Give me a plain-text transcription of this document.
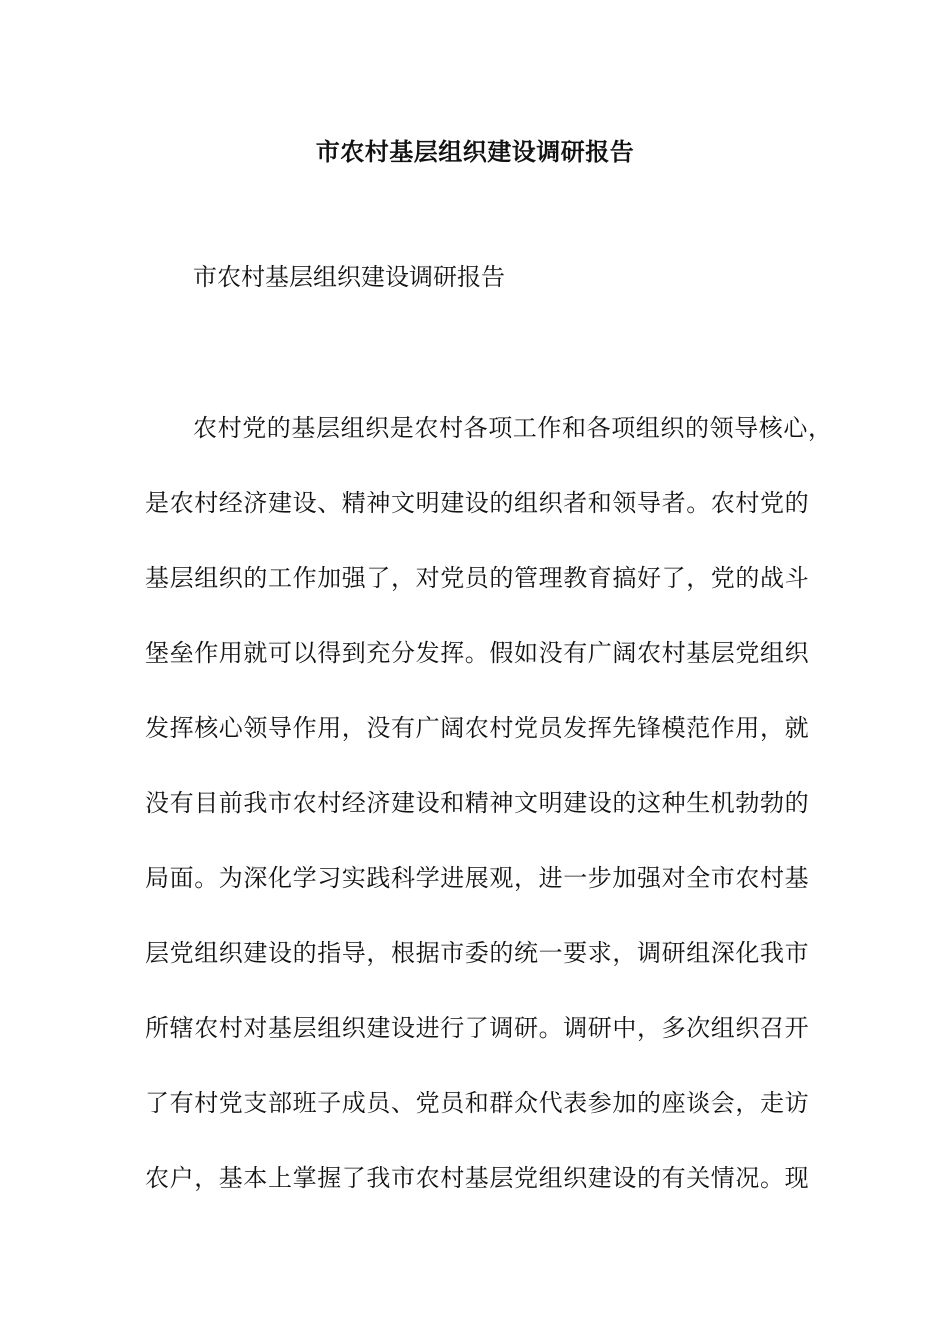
市农村基层组织建设调研报告
市农村基层组织建设调研报告
农村党的基层组织是农村各项工作和各项组织的领导核心，
是农村经济建设、精神文明建设的组织者和领导者。农村党的
基层组织的工作加强了，对党员的管理教育搞好了，党的战斗
堡垒作用就可以得到充分发挥。假如没有广阔农村基层党组织
发挥核心领导作用，没有广阔农村党员发挥先锋模范作用，就
没有目前我市农村经济建设和精神文明建设的这种生机勃勃的
局面。为深化学习实践科学进展观，进一步加强对全市农村基
层党组织建设的指导，根据市委的统一要求，调研组深化我市
所辖农村对基层组织建设进行了调研。调研中，多次组织召开
了有村党支部班子成员、党员和群众代表参加的座谈会，走访
农户，基本上掌握了我市农村基层党组织建设的有关情况。现
